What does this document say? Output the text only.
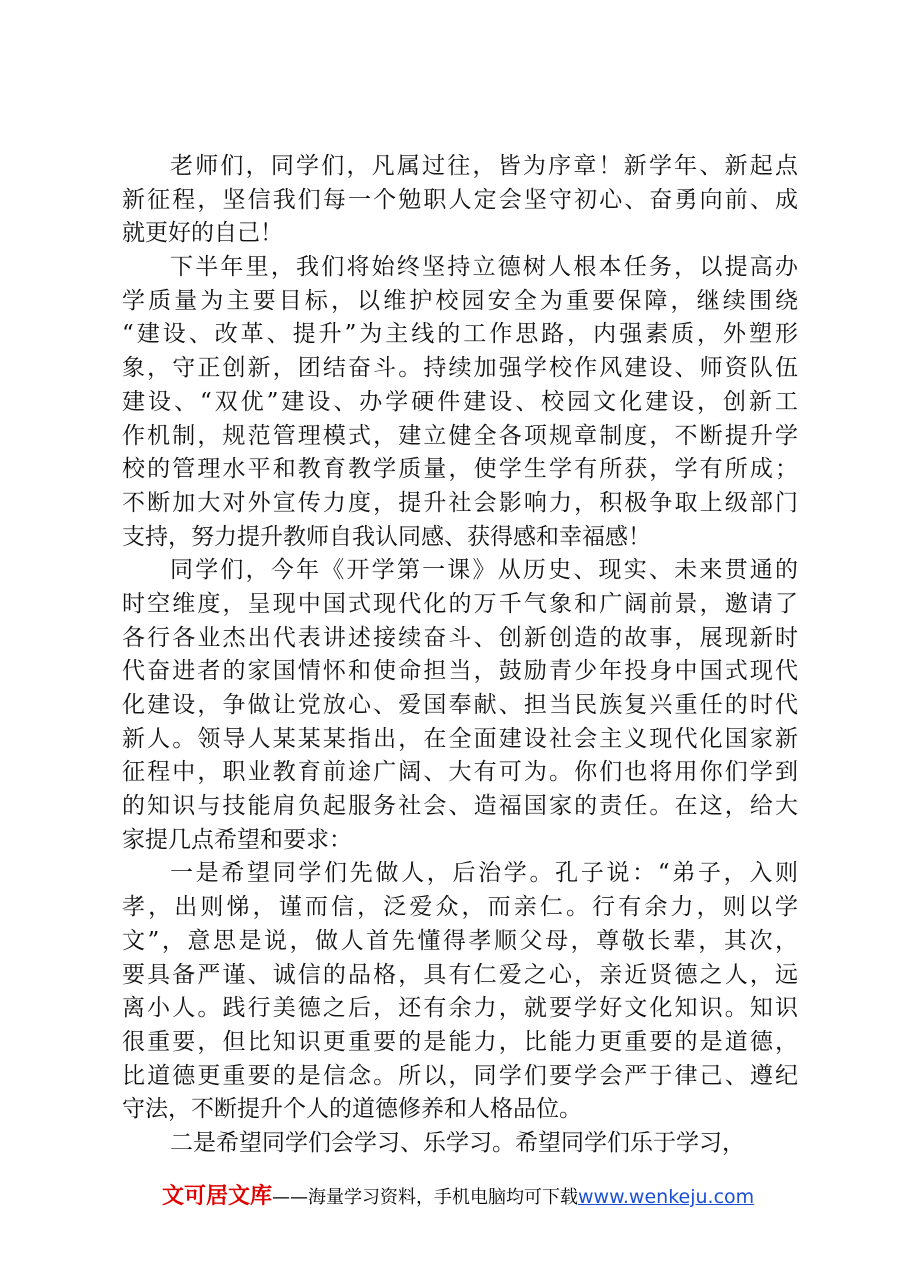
老师们，同学们，凡属过往，皆为序章！新学年、新起点
新征程，坚信我们每一个勉职人定会坚守初心、奋勇向前、成
就更好的自己！
下半年里，我们将始终坚持立德树人根本任务，以提高办
学质量为主要目标，以维护校园安全为重要保障，继续围绕
“建设、改革、提升”为主线的工作思路，内强素质，外塑形
象，守正创新，团结奋斗。持续加强学校作风建设、师资队伍
建设、“双优”建设、办学硬件建设、校园文化建设，创新工
作机制，规范管理模式，建立健全各项规章制度，不断提升学
校的管理水平和教育教学质量，使学生学有所获，学有所成；
不断加大对外宣传力度，提升社会影响力，积极争取上级部门
支持，努力提升教师自我认同感、获得感和幸福感！
同学们，今年《开学第一课》从历史、现实、未来贯通的
时空维度，呈现中国式现代化的万千气象和广阔前景，邀请了
各行各业杰出代表讲述接续奋斗、创新创造的故事，展现新时
代奋进者的家国情怀和使命担当，鼓励青少年投身中国式现代
化建设，争做让党放心、爱国奉献、担当民族复兴重任的时代
新人。领导人某某某指出，在全面建设社会主义现代化国家新
征程中，职业教育前途广阔、大有可为。你们也将用你们学到
的知识与技能肩负起服务社会、造福国家的责任。在这，给大
家提几点希望和要求：
一是希望同学们先做人，后治学。孔子说：“弟子，入则
孝，出则悌，谨而信，泛爱众，而亲仁。行有余力，则以学
文”，意思是说，做人首先懂得孝顺父母，尊敬长辈，其次，
要具备严谨、诚信的品格，具有仁爱之心，亲近贤德之人，远
离小人。践行美德之后，还有余力，就要学好文化知识。知识
很重要，但比知识更重要的是能力，比能力更重要的是道德，
比道德更重要的是信念。所以，同学们要学会严于律己、遵纪
守法，不断提升个人的道德修养和人格品位。
二是希望同学们会学习、乐学习。希望同学们乐于学习，
文可居文库——海量学习资料，手机电脑均可下载www.wenkeju.com
